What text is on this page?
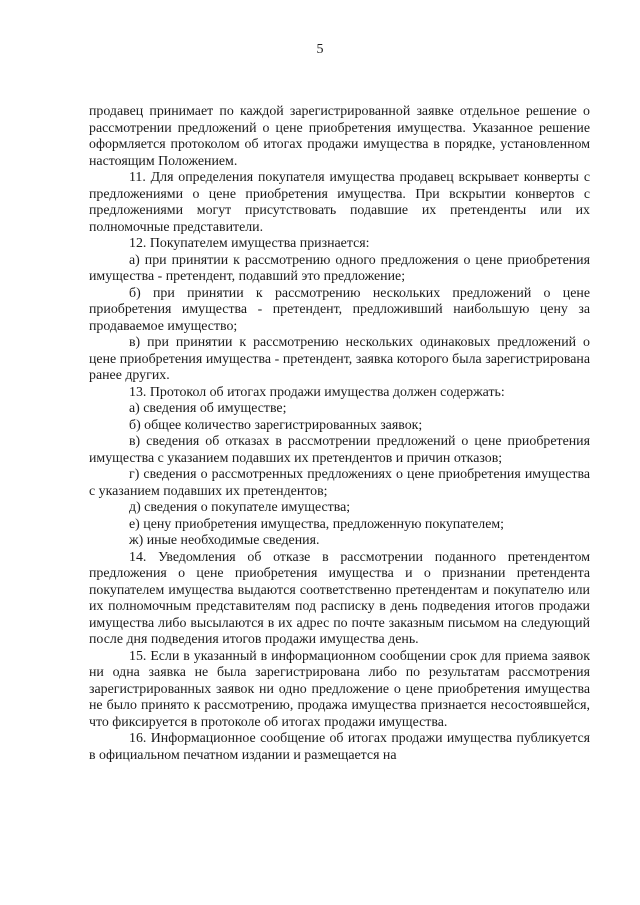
5

продавец принимает по каждой зарегистрированной заявке отдельное решение о рассмотрении предложений о цене приобретения имущества. Указанное решение оформляется протоколом об итогах продажи имущества в порядке, установленном настоящим Положением.

11. Для определения покупателя имущества продавец вскрывает конверты с предложениями о цене приобретения имущества. При вскрытии конвертов с предложениями могут присутствовать подавшие их претенденты или их полномочные представители.

12. Покупателем имущества признается:

а) при принятии к рассмотрению одного предложения о цене приобретения имущества - претендент, подавший это предложение;

б) при принятии к рассмотрению нескольких предложений о цене приобретения имущества - претендент, предложивший наибольшую цену за продаваемое имущество;

в) при принятии к рассмотрению нескольких одинаковых предложений о цене приобретения имущества - претендент, заявка которого была зарегистрирована ранее других.

13. Протокол об итогах продажи имущества должен содержать:

а) сведения об имуществе;

б) общее количество зарегистрированных заявок;

в) сведения об отказах в рассмотрении предложений о цене приобретения имущества с указанием подавших их претендентов и причин отказов;

г) сведения о рассмотренных предложениях о цене приобретения имущества с указанием подавших их претендентов;

д) сведения о покупателе имущества;

е) цену приобретения имущества, предложенную покупателем;

ж) иные необходимые сведения.

14. Уведомления об отказе в рассмотрении поданного претендентом предложения о цене приобретения имущества и о признании претендента покупателем имущества выдаются соответственно претендентам и покупателю или их полномочным представителям под расписку в день подведения итогов продажи имущества либо высылаются в их адрес по почте заказным письмом на следующий после дня подведения итогов продажи имущества день.

15. Если в указанный в информационном сообщении срок для приема заявок ни одна заявка не была зарегистрирована либо по результатам рассмотрения зарегистрированных заявок ни одно предложение о цене приобретения имущества не было принято к рассмотрению, продажа имущества признается несостоявшейся, что фиксируется в протоколе об итогах продажи имущества.

16. Информационное сообщение об итогах продажи имущества публикуется в официальном печатном издании и размещается на
